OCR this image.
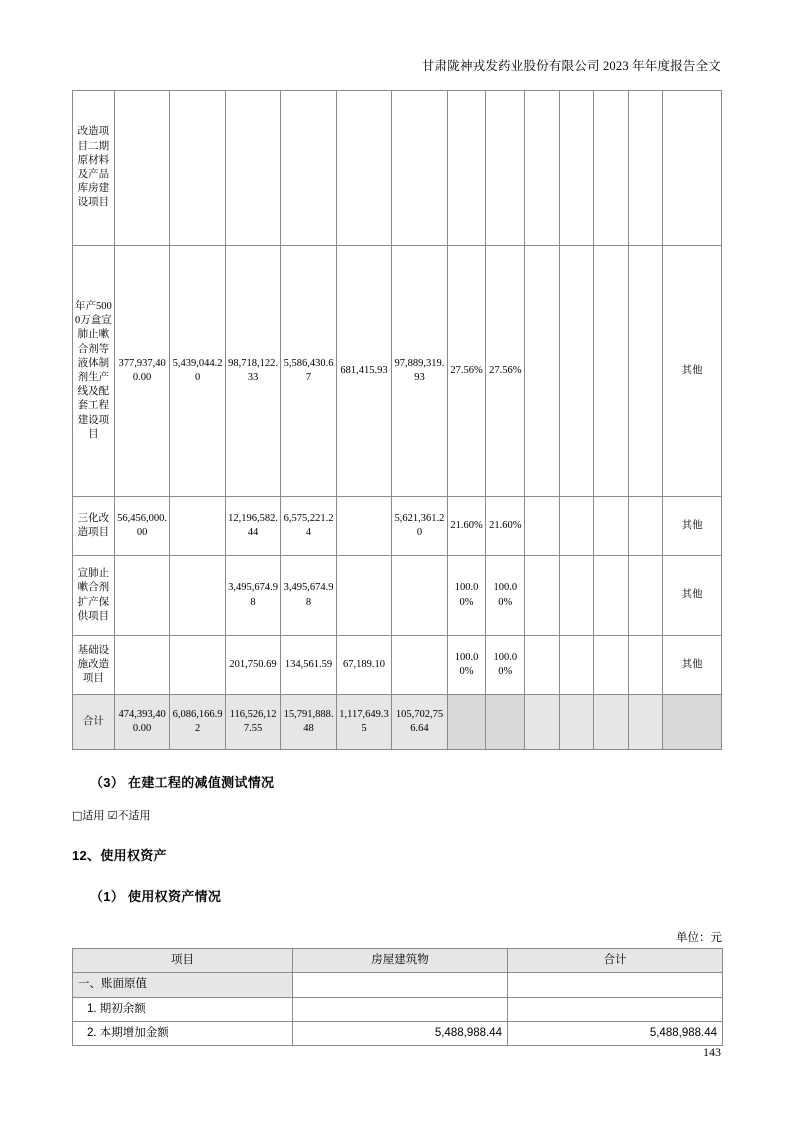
甘肃陇神戎发药业股份有限公司 2023 年年度报告全文
改造项目二期原材料及产品库房建设项目													
年产5000万盒宣肺止嗽合剂等液体制剂生产线及配套工程建设项目	377,937,400.00	5,439,044.20	98,718,122.33	5,586,430.67	681,415.93	97,889,319.93	27.56%	27.56%					其他
三化改造项目	56,456,000.00		12,196,582.44	6,575,221.24		5,621,361.20	21.60%	21.60%					其他
宣肺止嗽合剂扩产保供项目			3,495,674.98	3,495,674.98			100.00%	100.00%					其他
基础设施改造项目			201,750.69	134,561.59	67,189.10		100.00%	100.00%					其他
合计	474,393,400.00	6,086,166.92	116,526,127.55	15,791,888.48	1,117,649.35	105,702,756.64							
（3） 在建工程的减值测试情况

□适用 ☑不适用

12、使用权资产
（1） 使用权资产情况

单位：元

项目	房屋建筑物	合计
一、账面原值		
1. 期初余额		
2. 本期增加金额	5,488,988.44	5,488,988.44
143
